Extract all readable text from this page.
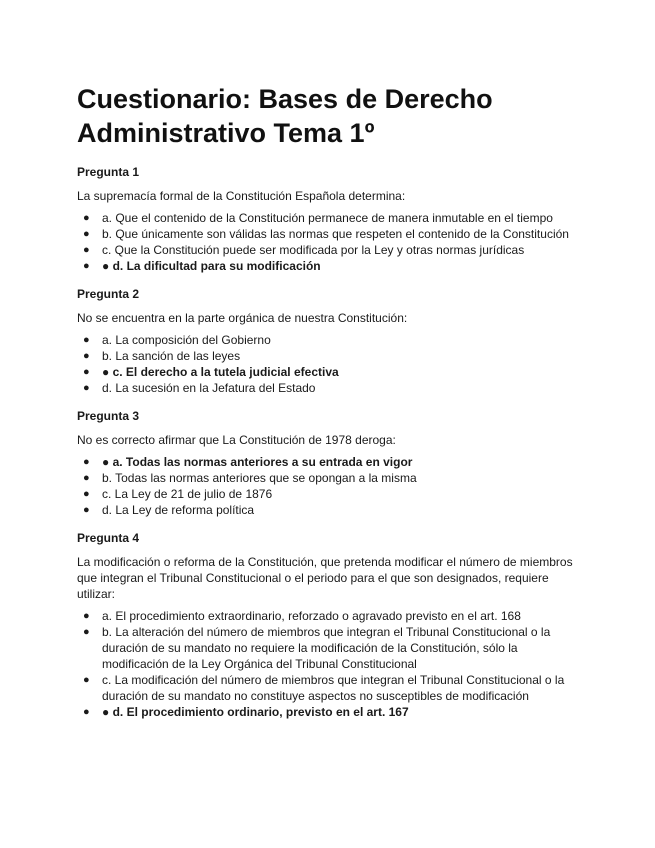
Cuestionario: Bases de Derecho Administrativo Tema 1º
Pregunta 1
La supremacía formal de la Constitución Española determina:
● a. Que el contenido de la Constitución permanece de manera inmutable en el tiempo
● b. Que únicamente son válidas las normas que respeten el contenido de la Constitución
● c. Que la Constitución puede ser modificada por la Ley y otras normas jurídicas
● ● d. La dificultad para su modificación
Pregunta 2
No se encuentra en la parte orgánica de nuestra Constitución:
● a. La composición del Gobierno
● b. La sanción de las leyes
● ● c. El derecho a la tutela judicial efectiva
● d. La sucesión en la Jefatura del Estado
Pregunta 3
No es correcto afirmar que La Constitución de 1978 deroga:
● ● a. Todas las normas anteriores a su entrada en vigor
● b. Todas las normas anteriores que se opongan a la misma
● c. La Ley de 21 de julio de 1876
● d. La Ley de reforma política
Pregunta 4
La modificación o reforma de la Constitución, que pretenda modificar el número de miembros que integran el Tribunal Constitucional o el periodo para el que son designados, requiere utilizar:
● a. El procedimiento extraordinario, reforzado o agravado previsto en el art. 168
● b. La alteración del número de miembros que integran el Tribunal Constitucional o la duración de su mandato no requiere la modificación de la Constitución, sólo la modificación de la Ley Orgánica del Tribunal Constitucional
● c. La modificación del número de miembros que integran el Tribunal Constitucional o la duración de su mandato no constituye aspectos no susceptibles de modificación
● ● d. El procedimiento ordinario, previsto en el art. 167
